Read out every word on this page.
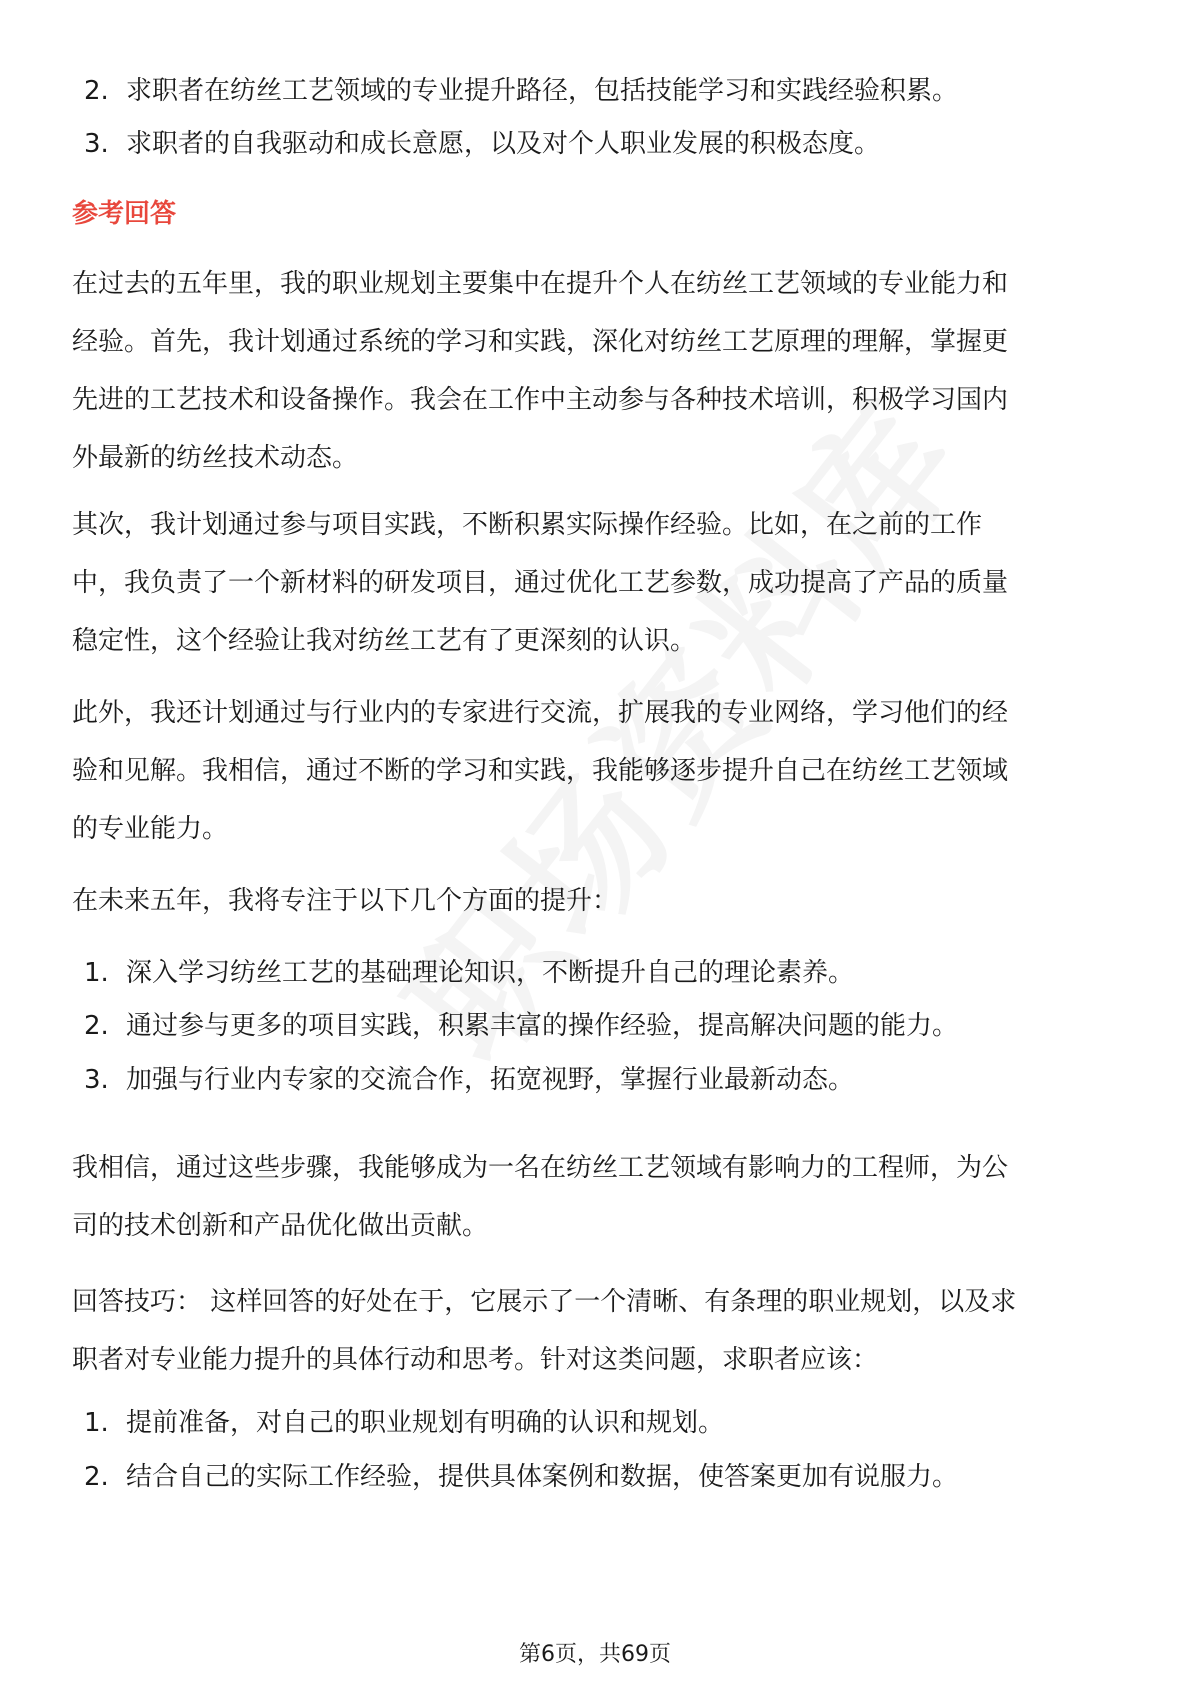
2. 求职者在纺丝工艺领域的专业提升路径，包括技能学习和实践经验积累。
3. 求职者的自我驱动和成长意愿，以及对个人职业发展的积极态度。
参考回答
在过去的五年里，我的职业规划主要集中在提升个人在纺丝工艺领域的专业能力和
经验。首先，我计划通过系统的学习和实践，深化对纺丝工艺原理的理解，掌握更
先进的工艺技术和设备操作。我会在工作中主动参与各种技术培训，积极学习国内
外最新的纺丝技术动态。
其次，我计划通过参与项目实践，不断积累实际操作经验。比如，在之前的工作
中，我负责了一个新材料的研发项目，通过优化工艺参数，成功提高了产品的质量
稳定性，这个经验让我对纺丝工艺有了更深刻的认识。
此外，我还计划通过与行业内的专家进行交流，扩展我的专业网络，学习他们的经
验和见解。我相信，通过不断的学习和实践，我能够逐步提升自己在纺丝工艺领域
的专业能力。
在未来五年，我将专注于以下几个方面的提升：
1. 深入学习纺丝工艺的基础理论知识，不断提升自己的理论素养。
2. 通过参与更多的项目实践，积累丰富的操作经验，提高解决问题的能力。
3. 加强与行业内专家的交流合作，拓宽视野，掌握行业最新动态。
我相信，通过这些步骤，我能够成为一名在纺丝工艺领域有影响力的工程师，为公
司的技术创新和产品优化做出贡献。
回答技巧： 这样回答的好处在于，它展示了一个清晰、有条理的职业规划，以及求
职者对专业能力提升的具体行动和思考。针对这类问题，求职者应该：
1. 提前准备，对自己的职业规划有明确的认识和规划。
2. 结合自己的实际工作经验，提供具体案例和数据，使答案更加有说服力。
第6页，共69页
